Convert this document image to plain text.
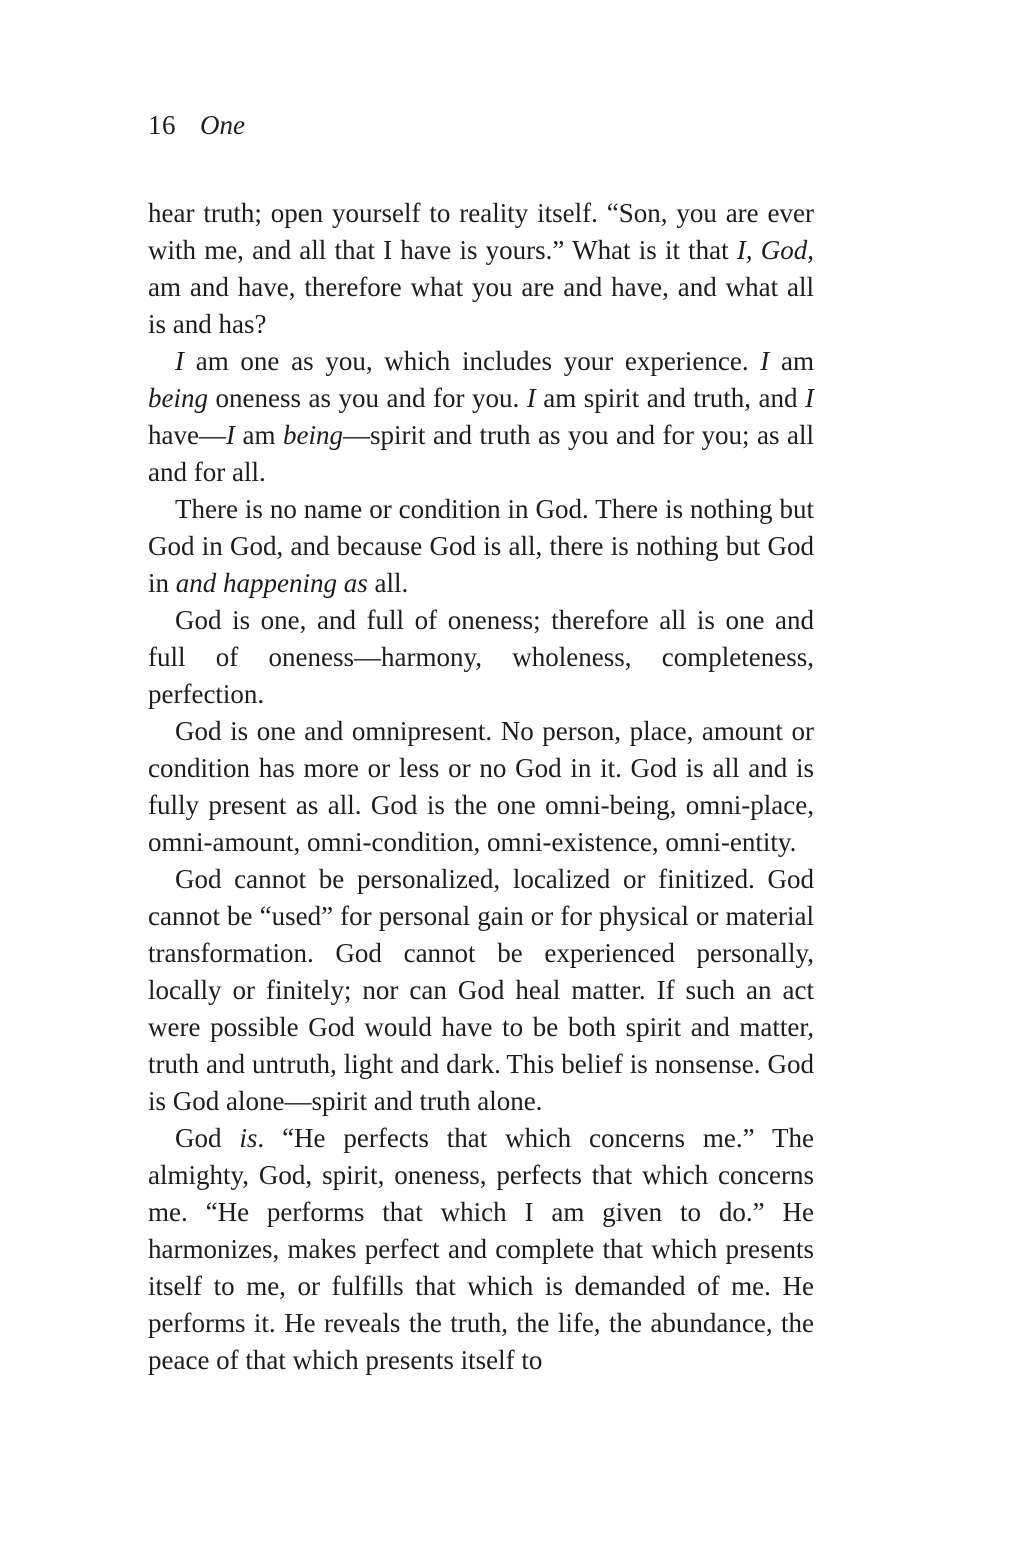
16 One

hear truth; open yourself to reality itself. “Son, you are ever with me, and all that I have is yours.” What is it that I, God, am and have, therefore what you are and have, and what all is and has?

I am one as you, which includes your experience. I am being oneness as you and for you. I am spirit and truth, and I have—I am being—spirit and truth as you and for you; as all and for all.

There is no name or condition in God. There is nothing but God in God, and because God is all, there is nothing but God in and happening as all.

God is one, and full of oneness; therefore all is one and full of oneness—harmony, wholeness, completeness, perfection.

God is one and omnipresent. No person, place, amount or condition has more or less or no God in it. God is all and is fully present as all. God is the one omni-being, omni-place, omni-amount, omni-condition, omni-existence, omni-entity.

God cannot be personalized, localized or finitized. God cannot be “used” for personal gain or for physical or material transformation. God cannot be experienced personally, locally or finitely; nor can God heal matter. If such an act were possible God would have to be both spirit and matter, truth and untruth, light and dark. This belief is nonsense. God is God alone—spirit and truth alone.

God is. “He perfects that which concerns me.” The almighty, God, spirit, oneness, perfects that which concerns me. “He performs that which I am given to do.” He harmonizes, makes perfect and complete that which presents itself to me, or fulfills that which is demanded of me. He performs it. He reveals the truth, the life, the abundance, the peace of that which presents itself to
